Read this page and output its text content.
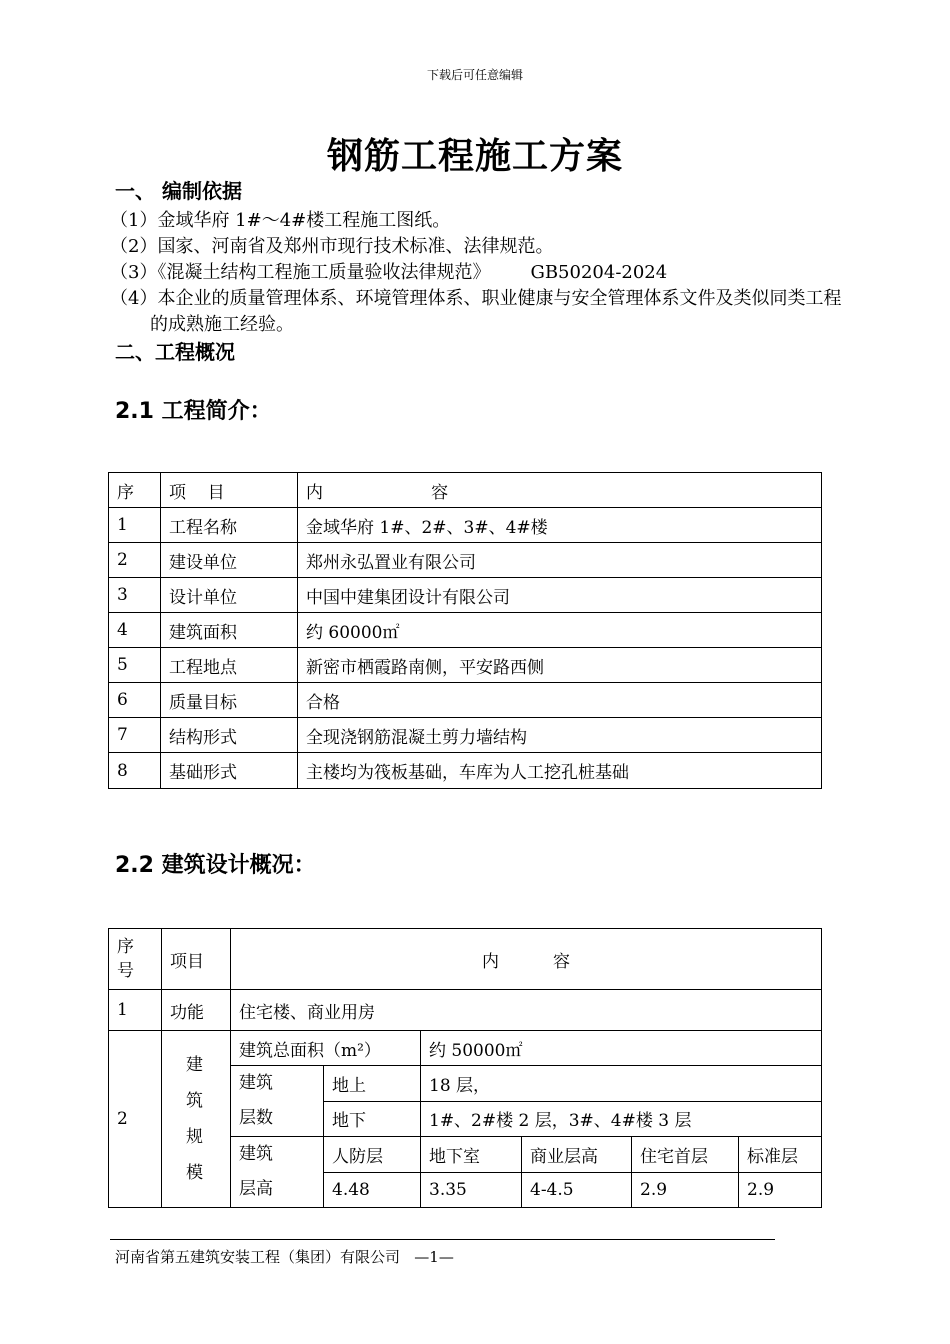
下载后可任意编辑
钢筋工程施工方案
一、 编制依据
（1）金域华府 1#～4#楼工程施工图纸。
（2）国家、河南省及郑州市现行技术标准、法律规范。
（3）《混凝土结构工程施工质量验收法律规范》 GB50204-2024
（4）本企业的质量管理体系、环境管理体系、职业健康与安全管理体系文件及类似同类工程的成熟施工经验。
二、工程概况
2.1 工程简介：
序	项    目	内                    容
1	工程名称	金域华府 1#、2#、3#、4#楼
2	建设单位	郑州永弘置业有限公司
3	设计单位	中国中建集团设计有限公司
4	建筑面积	约 60000㎡
5	工程地点	新密市栖霞路南侧，平安路西侧
6	质量目标	合格
7	结构形式	全现浇钢筋混凝土剪力墙结构
8	基础形式	主楼均为筏板基础，车库为人工挖孔桩基础
2.2 建筑设计概况：
序号	项目	内          容					
1	功能	住宅楼、商业用房					
2	建筑规模	建筑总面积（m²）		约 50000㎡			

		建筑层数	地上	18 层，			
			地下	1#、2#楼 2 层，3#、4#楼 3 层			

		建筑层高	人防层	地下室	商业层高	住宅首层	标准层
			4.48	3.35	4-4.5	2.9	2.9
河南省第五建筑安装工程（集团）有限公司   —1—
